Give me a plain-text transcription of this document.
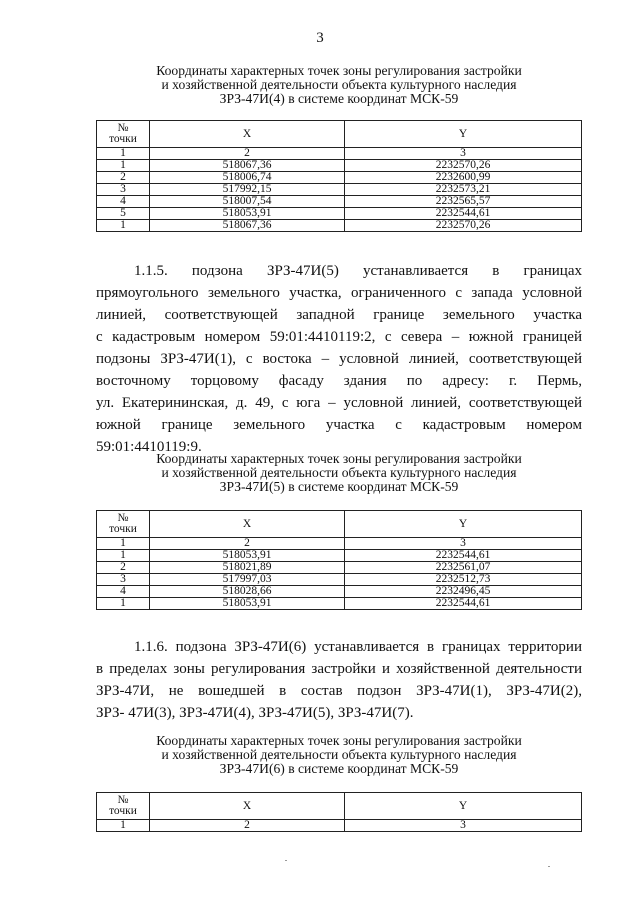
3
Координаты характерных точек зоны регулирования застройки
и хозяйственной деятельности объекта культурного наследия
ЗРЗ-47И(4) в системе координат МСК-59
№
точки	X	Y
1	2	3
1	518067,36	2232570,26
2	518006,74	2232600,99
3	517992,15	2232573,21
4	518007,54	2232565,57
5	518053,91	2232544,61
1	518067,36	2232570,26
1.1.5. подзона ЗРЗ-47И(5) устанавливается в границах
прямоугольного земельного участка, ограниченного с запада условной
линией, соответствующей западной границе земельного участка
с кадастровым номером 59:01:4410119:2, с севера – южной границей
подзоны ЗРЗ-47И(1), с востока – условной линией, соответствующей
восточному торцовому фасаду здания по адресу: г. Пермь,
ул. Екатерининская, д. 49, с юга – условной линией, соответствующей
южной границе земельного участка с кадастровым номером
59:01:4410119:9.
Координаты характерных точек зоны регулирования застройки
и хозяйственной деятельности объекта культурного наследия
ЗРЗ-47И(5) в системе координат МСК-59
№
точки	X	Y
1	2	3
1	518053,91	2232544,61
2	518021,89	2232561,07
3	517997,03	2232512,73
4	518028,66	2232496,45
1	518053,91	2232544,61
1.1.6. подзона ЗРЗ-47И(6) устанавливается в границах территории
в пределах зоны регулирования застройки и хозяйственной деятельности
ЗРЗ-47И, не вошедшей в состав подзон ЗРЗ-47И(1), ЗРЗ-47И(2),
ЗРЗ- 47И(3), ЗРЗ-47И(4), ЗРЗ-47И(5), ЗРЗ-47И(7).
Координаты характерных точек зоны регулирования застройки
и хозяйственной деятельности объекта культурного наследия
ЗРЗ-47И(6) в системе координат МСК-59
№
точки	X	Y
1	2	3
